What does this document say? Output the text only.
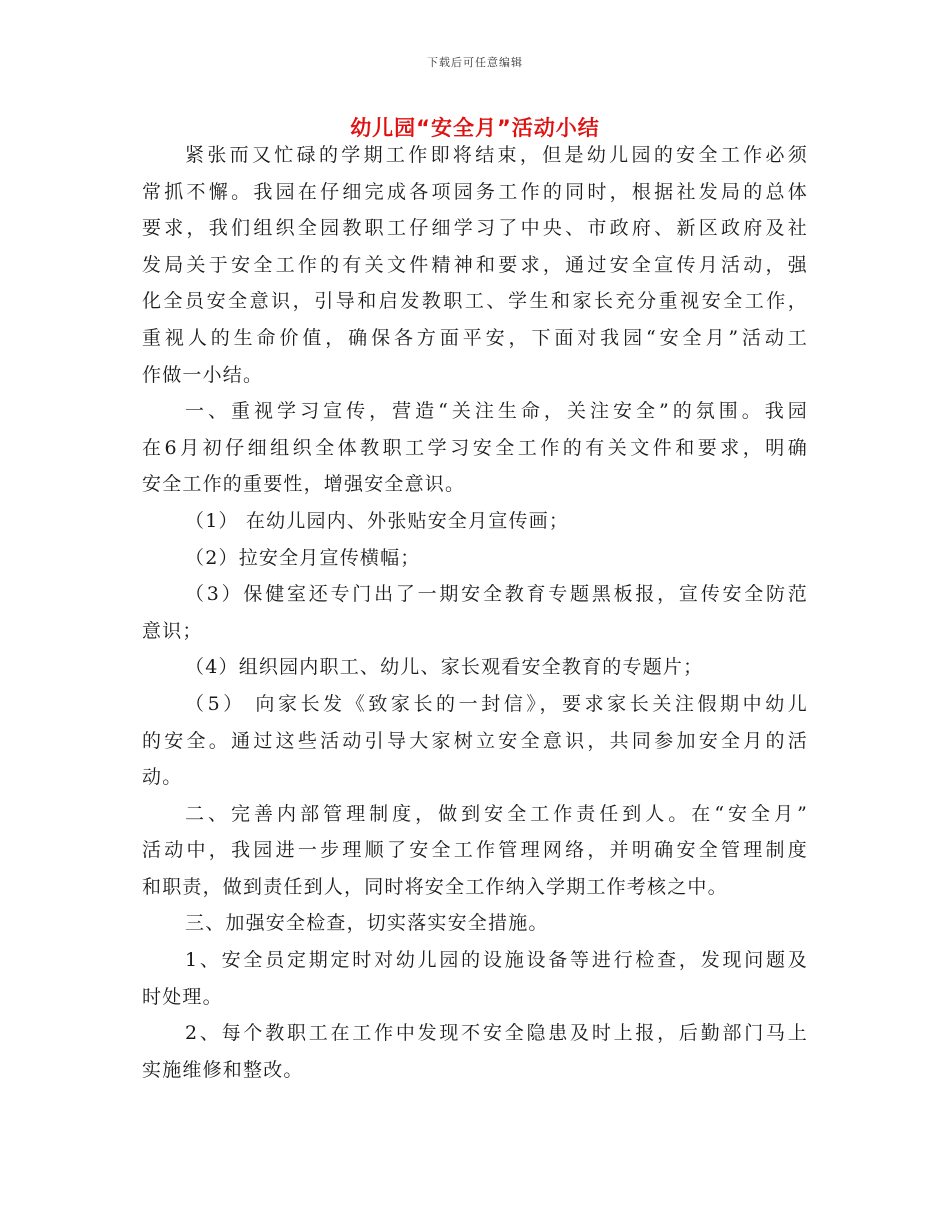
下载后可任意编辑
幼儿园“安全月”活动小结
紧张而又忙碌的学期工作即将结束，但是幼儿园的安全工作必须
常抓不懈。我园在仔细完成各项园务工作的同时，根据社发局的总体
要求，我们组织全园教职工仔细学习了中央、市政府、新区政府及社
发局关于安全工作的有关文件精神和要求，通过安全宣传月活动，强
化全员安全意识，引导和启发教职工、学生和家长充分重视安全工作，
重视人的生命价值，确保各方面平安，下面对我园“安全月”活动工
作做一小结。
一、重视学习宣传，营造“关注生命，关注安全”的氛围。我园
在6月初仔细组织全体教职工学习安全工作的有关文件和要求，明确
安全工作的重要性，增强安全意识。
（1） 在幼儿园内、外张贴安全月宣传画；
（2）拉安全月宣传横幅；
（3）保健室还专门出了一期安全教育专题黑板报，宣传安全防范
意识；
（4）组织园内职工、幼儿、家长观看安全教育的专题片；
（5） 向家长发《致家长的一封信》，要求家长关注假期中幼儿
的安全。通过这些活动引导大家树立安全意识，共同参加安全月的活
动。
二、完善内部管理制度，做到安全工作责任到人。在“安全月”
活动中，我园进一步理顺了安全工作管理网络，并明确安全管理制度
和职责，做到责任到人，同时将安全工作纳入学期工作考核之中。
三、加强安全检查，切实落实安全措施。
1、安全员定期定时对幼儿园的设施设备等进行检查，发现问题及
时处理。
2、每个教职工在工作中发现不安全隐患及时上报，后勤部门马上
实施维修和整改。
